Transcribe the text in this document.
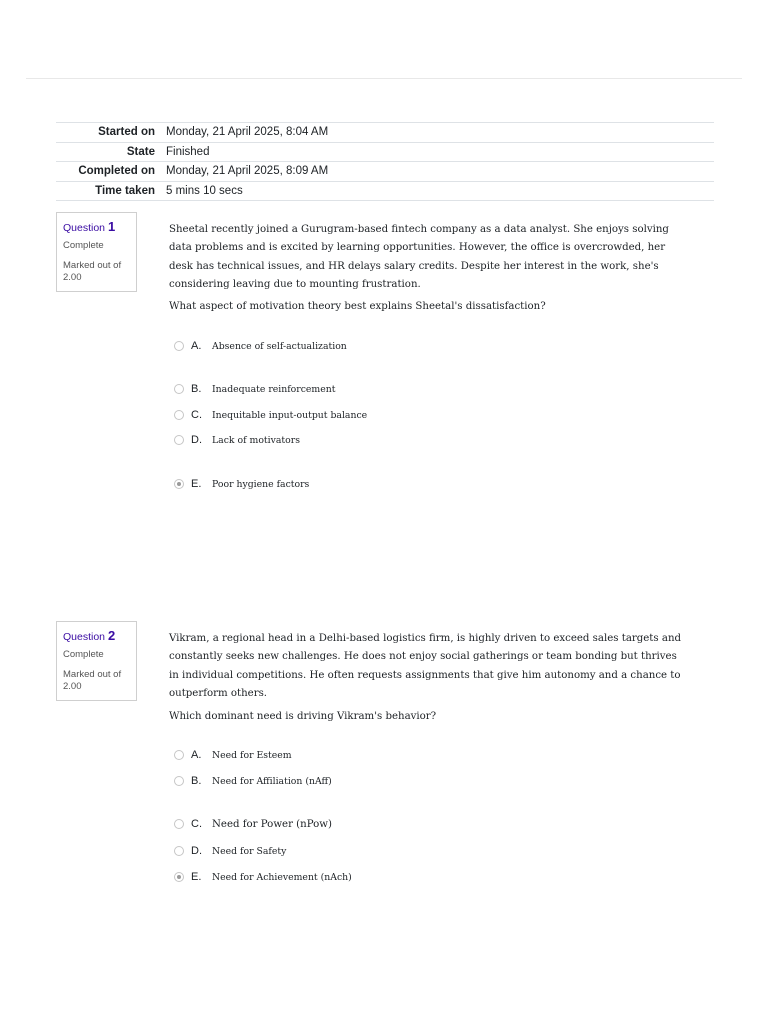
Started on Monday, 21 April 2025, 8:04 AM
State Finished
Completed on Monday, 21 April 2025, 8:09 AM
Time taken 5 mins 10 secs
Question 1
Complete
Marked out of 2.00
Sheetal recently joined a Gurugram-based fintech company as a data analyst. She enjoys solving data problems and is excited by learning opportunities. However, the office is overcrowded, her desk has technical issues, and HR delays salary credits. Despite her interest in the work, she's considering leaving due to mounting frustration.
What aspect of motivation theory best explains Sheetal's dissatisfaction?
A.	Absence of self-actualization
B.	Inadequate reinforcement
C.	Inequitable input-output balance
D.	Lack of motivators
E.	Poor hygiene factors
Question 2
Complete
Marked out of 2.00
Vikram, a regional head in a Delhi-based logistics firm, is highly driven to exceed sales targets and constantly seeks new challenges. He does not enjoy social gatherings or team bonding but thrives in individual competitions. He often requests assignments that give him autonomy and a chance to outperform others.
Which dominant need is driving Vikram's behavior?
A.	Need for Esteem
B.	Need for Affiliation (nAff)
C. Need for Power (nPow)
D.	Need for Safety
E.	Need for Achievement (nAch)
